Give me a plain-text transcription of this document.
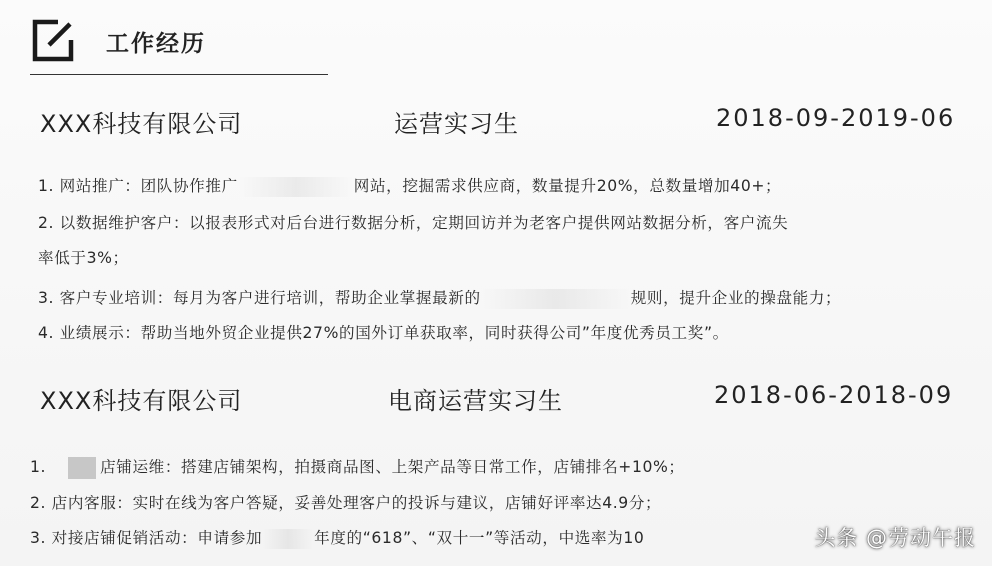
工作经历
XXX科技有限公司	运营实习生	2018-09-2019-06
1. 网站推广：团队协作推广	网站，挖掘需求供应商，数量提升20%，总数量增加40+；
2. 以数据维护客户：以报表形式对后台进行数据分析，定期回访并为老客户提供网站数据分析，客户流失
率低于3%；
3. 客户专业培训：每月为客户进行培训，帮助企业掌握最新的	规则，提升企业的操盘能力；
4. 业绩展示：帮助当地外贸企业提供27%的国外订单获取率，同时获得公司”年度优秀员工奖”。
XXX科技有限公司	电商运营实习生	2018-06-2018-09
1.	店铺运维：搭建店铺架构，拍摄商品图、上架产品等日常工作，店铺排名+10%；
2. 店内客服：实时在线为客户答疑，妥善处理客户的投诉与建议，店铺好评率达4.9分；
3. 对接店铺促销活动：申请参加	年度的“618”、“双十一”等活动，中选率为10	头条 @劳动午报
